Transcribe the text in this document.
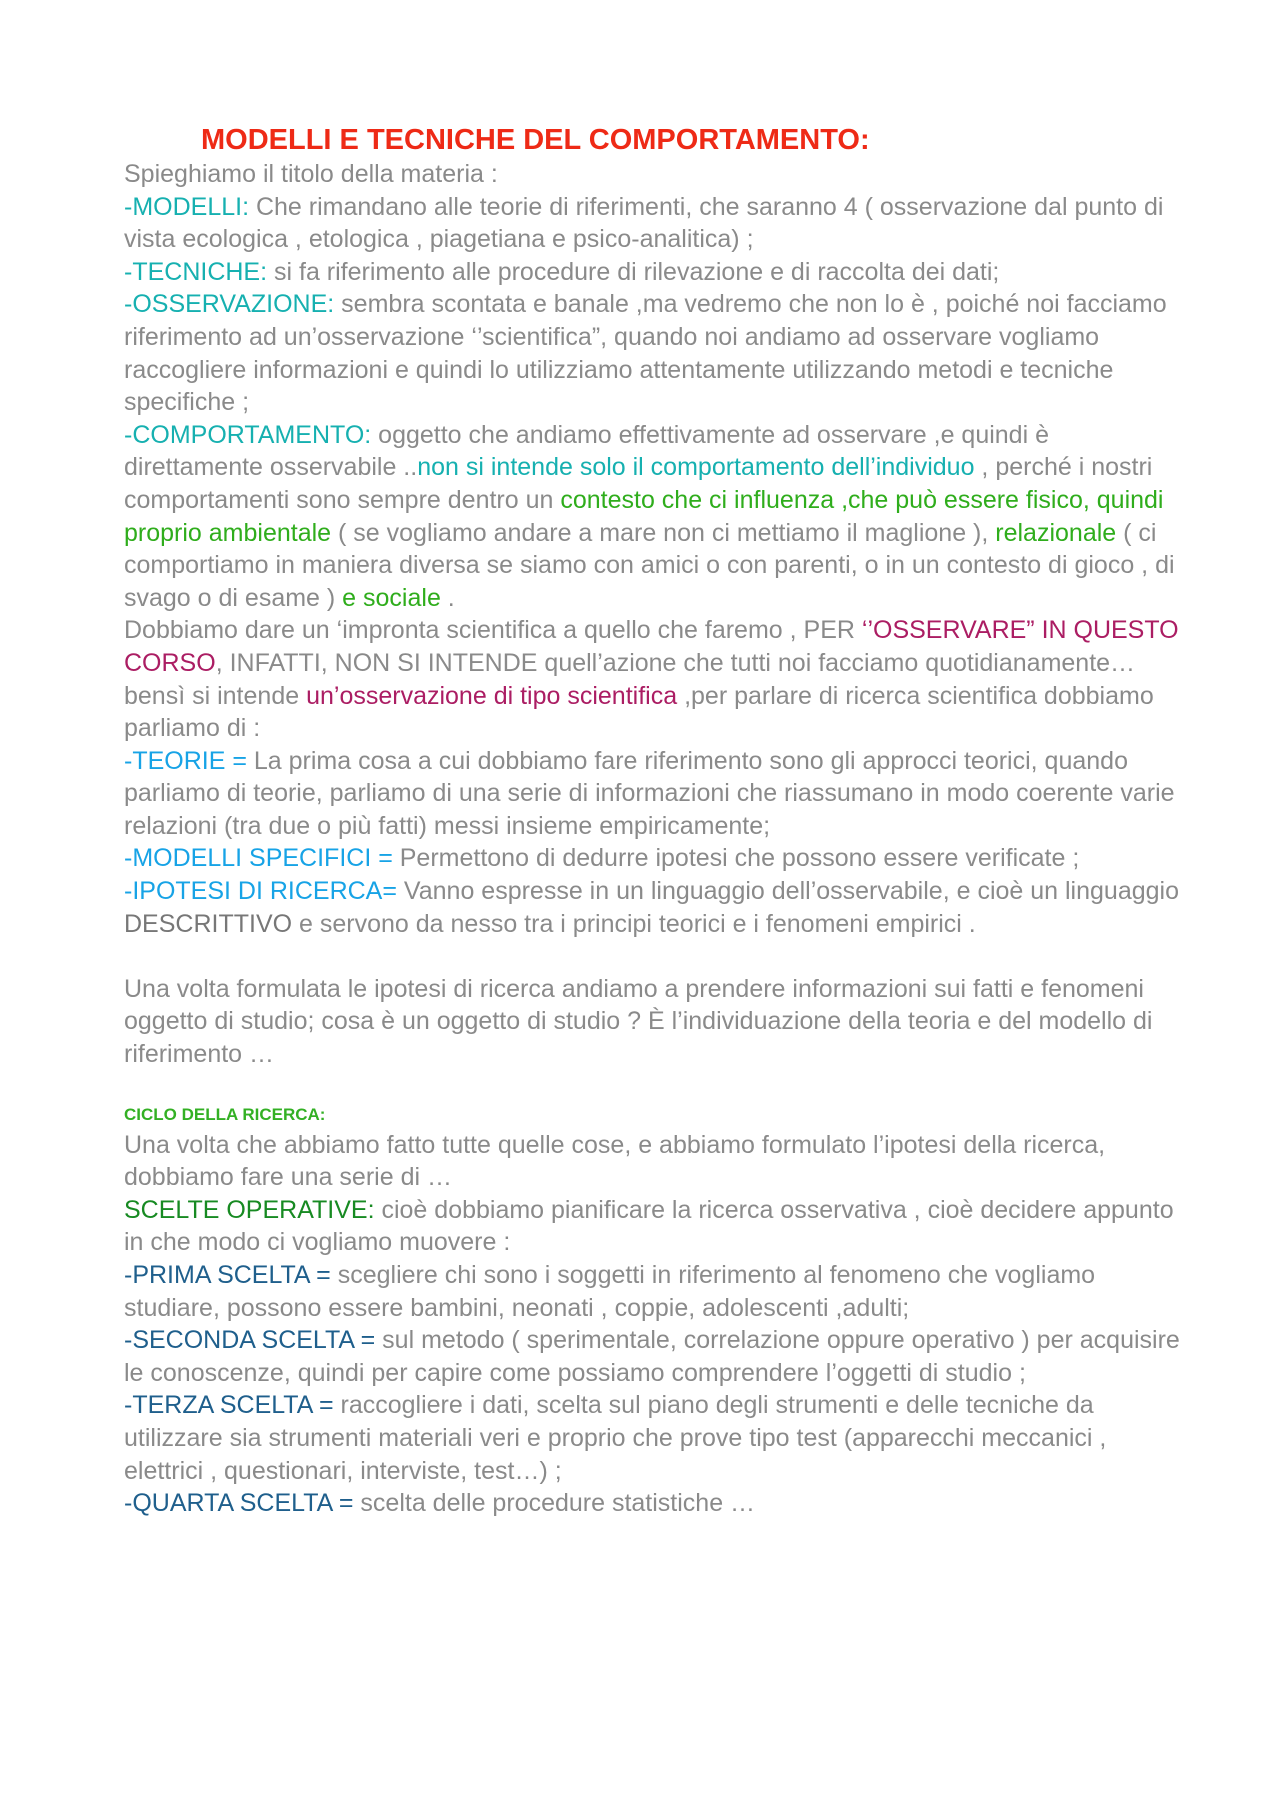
MODELLI E TECNICHE DEL COMPORTAMENTO:

Spieghiamo il titolo della materia :

-MODELLI: Che rimandano alle teorie di riferimenti, che saranno 4 ( osservazione dal punto di vista ecologica , etologica , piagetiana e psico-analitica) ;

-TECNICHE: si fa riferimento alle procedure di rilevazione e di raccolta dei dati;

-OSSERVAZIONE: sembra scontata e banale ,ma vedremo che non lo è , poiché noi facciamo riferimento ad un’osservazione ‘’scientifica”, quando noi andiamo ad osservare vogliamo raccogliere informazioni e quindi lo utilizziamo attentamente utilizzando metodi e tecniche specifiche ;

-COMPORTAMENTO: oggetto che andiamo effettivamente ad osservare ,e quindi è direttamente osservabile ..non si intende solo il comportamento dell’individuo , perché i nostri comportamenti sono sempre dentro un contesto che ci influenza ,che può essere fisico, quindi proprio ambientale ( se vogliamo andare a mare non ci mettiamo il maglione ), relazionale ( ci comportiamo in maniera diversa se siamo con amici o con parenti, o in un contesto di gioco , di svago o di esame ) e sociale .

Dobbiamo dare un ‘impronta scientifica a quello che faremo , PER ‘’OSSERVARE” IN QUESTO CORSO, INFATTI, NON SI INTENDE quell’azione che tutti noi facciamo quotidianamente… bensì si intende un’osservazione di tipo scientifica ,per parlare di ricerca scientifica dobbiamo parliamo di :

-TEORIE = La prima cosa a cui dobbiamo fare riferimento sono gli approcci teorici, quando parliamo di teorie, parliamo di una serie di informazioni che riassumano in modo coerente varie relazioni (tra due o più fatti) messi insieme empiricamente;

-MODELLI SPECIFICI = Permettono di dedurre ipotesi che possono essere verificate ;

-IPOTESI DI RICERCA= Vanno espresse in un linguaggio dell’osservabile, e cioè un linguaggio DESCRITTIVO e servono da nesso tra i principi teorici e i fenomeni empirici .

Una volta formulata le ipotesi di ricerca andiamo a prendere informazioni sui fatti e fenomeni oggetto di studio; cosa è un oggetto di studio ? È l’individuazione della teoria e del modello di riferimento …

CICLO DELLA RICERCA:

Una volta che abbiamo fatto tutte quelle cose, e abbiamo formulato l’ipotesi della ricerca, dobbiamo fare una serie di …

SCELTE OPERATIVE: cioè dobbiamo pianificare la ricerca osservativa , cioè decidere appunto in che modo ci vogliamo muovere :

-PRIMA SCELTA = scegliere chi sono i soggetti in riferimento al fenomeno che vogliamo studiare, possono essere bambini, neonati , coppie, adolescenti ,adulti;

-SECONDA SCELTA = sul metodo ( sperimentale, correlazione oppure operativo ) per acquisire le conoscenze, quindi per capire come possiamo comprendere l’oggetti di studio ;

-TERZA SCELTA = raccogliere i dati, scelta sul piano degli strumenti e delle tecniche da utilizzare sia strumenti materiali veri e proprio che prove tipo test (apparecchi meccanici , elettrici , questionari, interviste, test…) ;

-QUARTA SCELTA = scelta delle procedure statistiche …
